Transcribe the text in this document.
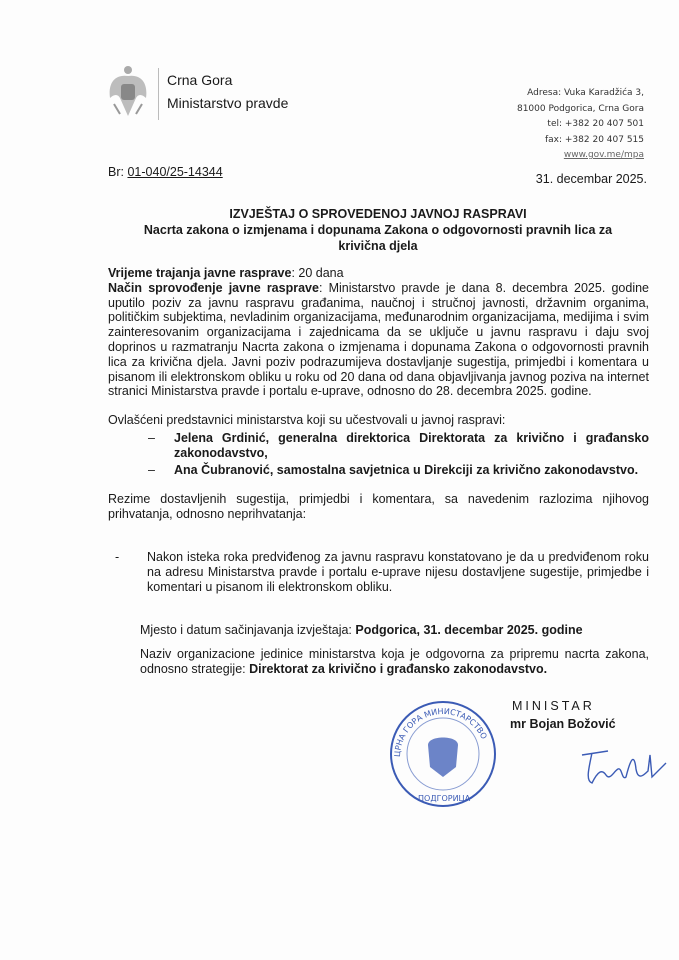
Crna Gora
Ministarstvo pravde
Adresa: Vuka Karadžića 3,
81000 Podgorica, Crna Gora
tel: +382 20 407 501
fax: +382 20 407 515
www.gov.me/mpa
Br: 01-040/25-14344	31. decembar 2025.
IZVJEŠTAJ O SPROVEDENOJ JAVNOJ RASPRAVI
Nacrta zakona o izmjenama i dopunama Zakona o odgovornosti pravnih lica za
krivična djela
Vrijeme trajanja javne rasprave: 20 dana
Način sprovođenje javne rasprave: Ministarstvo pravde je dana 8. decembra 2025. godine uputilo poziv za javnu raspravu građanima, naučnoj i stručnoj javnosti, državnim organima, političkim subjektima, nevladinim organizacijama, međunarodnim organizacijama, medijima i svim zainteresovanim organizacijama i zajednicama da se uključe u javnu raspravu i daju svoj doprinos u razmatranju Nacrta zakona o izmjenama i dopunama Zakona o odgovornosti pravnih lica za krivična djela. Javni poziv podrazumijeva dostavljanje sugestija, primjedbi i komentara u pisanom ili elektronskom obliku u roku od 20 dana od dana objavljivanja javnog poziva na internet stranici Ministarstva pravde i portalu e-uprave, odnosno do 28. decembra 2025. godine.
Ovlašćeni predstavnici ministarstva koji su učestvovali u javnoj raspravi:
– Jelena Grdinić, generalna direktorica Direktorata za krivično i građansko zakonodavstvo,
– Ana Čubranović, samostalna savjetnica u Direkciji za krivično zakonodavstvo.
Rezime dostavljenih sugestija, primjedbi i komentara, sa navedenim razlozima njihovog prihvatanja, odnosno neprihvatanja:
- Nakon isteka roka predviđenog za javnu raspravu konstatovano je da u predviđenom roku na adresu Ministarstva pravde i portalu e-uprave nijesu dostavljene sugestije, primjedbe i komentari u pisanom ili elektronskom obliku.
Mjesto i datum sačinjavanja izvještaja: Podgorica, 31. decembar 2025. godine
Naziv organizacione jedinice ministarstva koja je odgovorna za pripremu nacrta zakona, odnosno strategije: Direktorat za krivično i građansko zakonodavstvo.
ЦРНА ГОРА МИНИСТАРСТВО
ПОДГОРИЦА
MINISTAR
mr Bojan Božović
